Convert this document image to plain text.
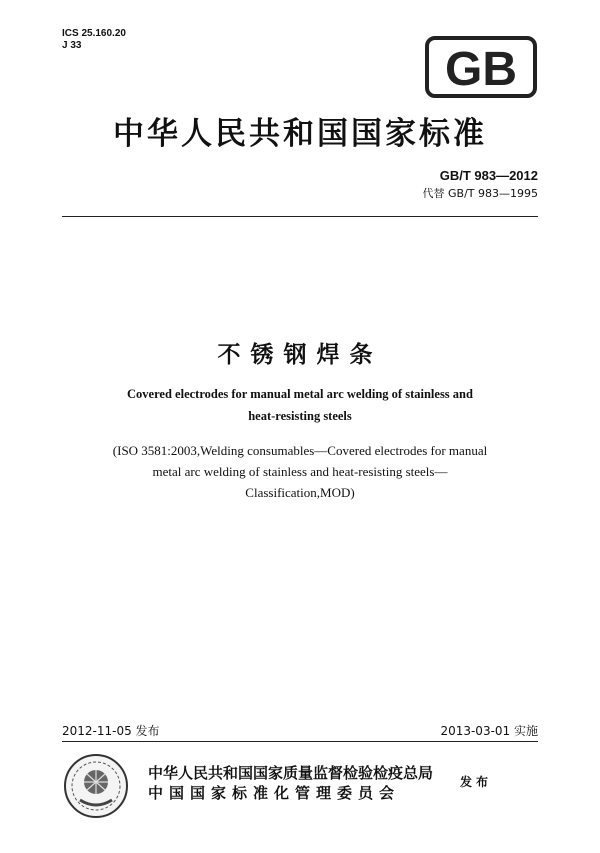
ICS 25.160.20
J 33	GB
中华人民共和国国家标准
GB/T 983—2012
代替 GB/T 983—1995
不锈钢焊条
Covered electrodes for manual metal arc welding of stainless and
heat-resisting steels
(ISO 3581:2003,Welding consumables—Covered electrodes for manual
metal arc welding of stainless and heat-resisting steels—
Classification,MOD)
2012-11-05 发布	2013-03-01 实施
中华人民共和国国家质量监督检验检疫总局
中国国家标准化管理委员会
发布
